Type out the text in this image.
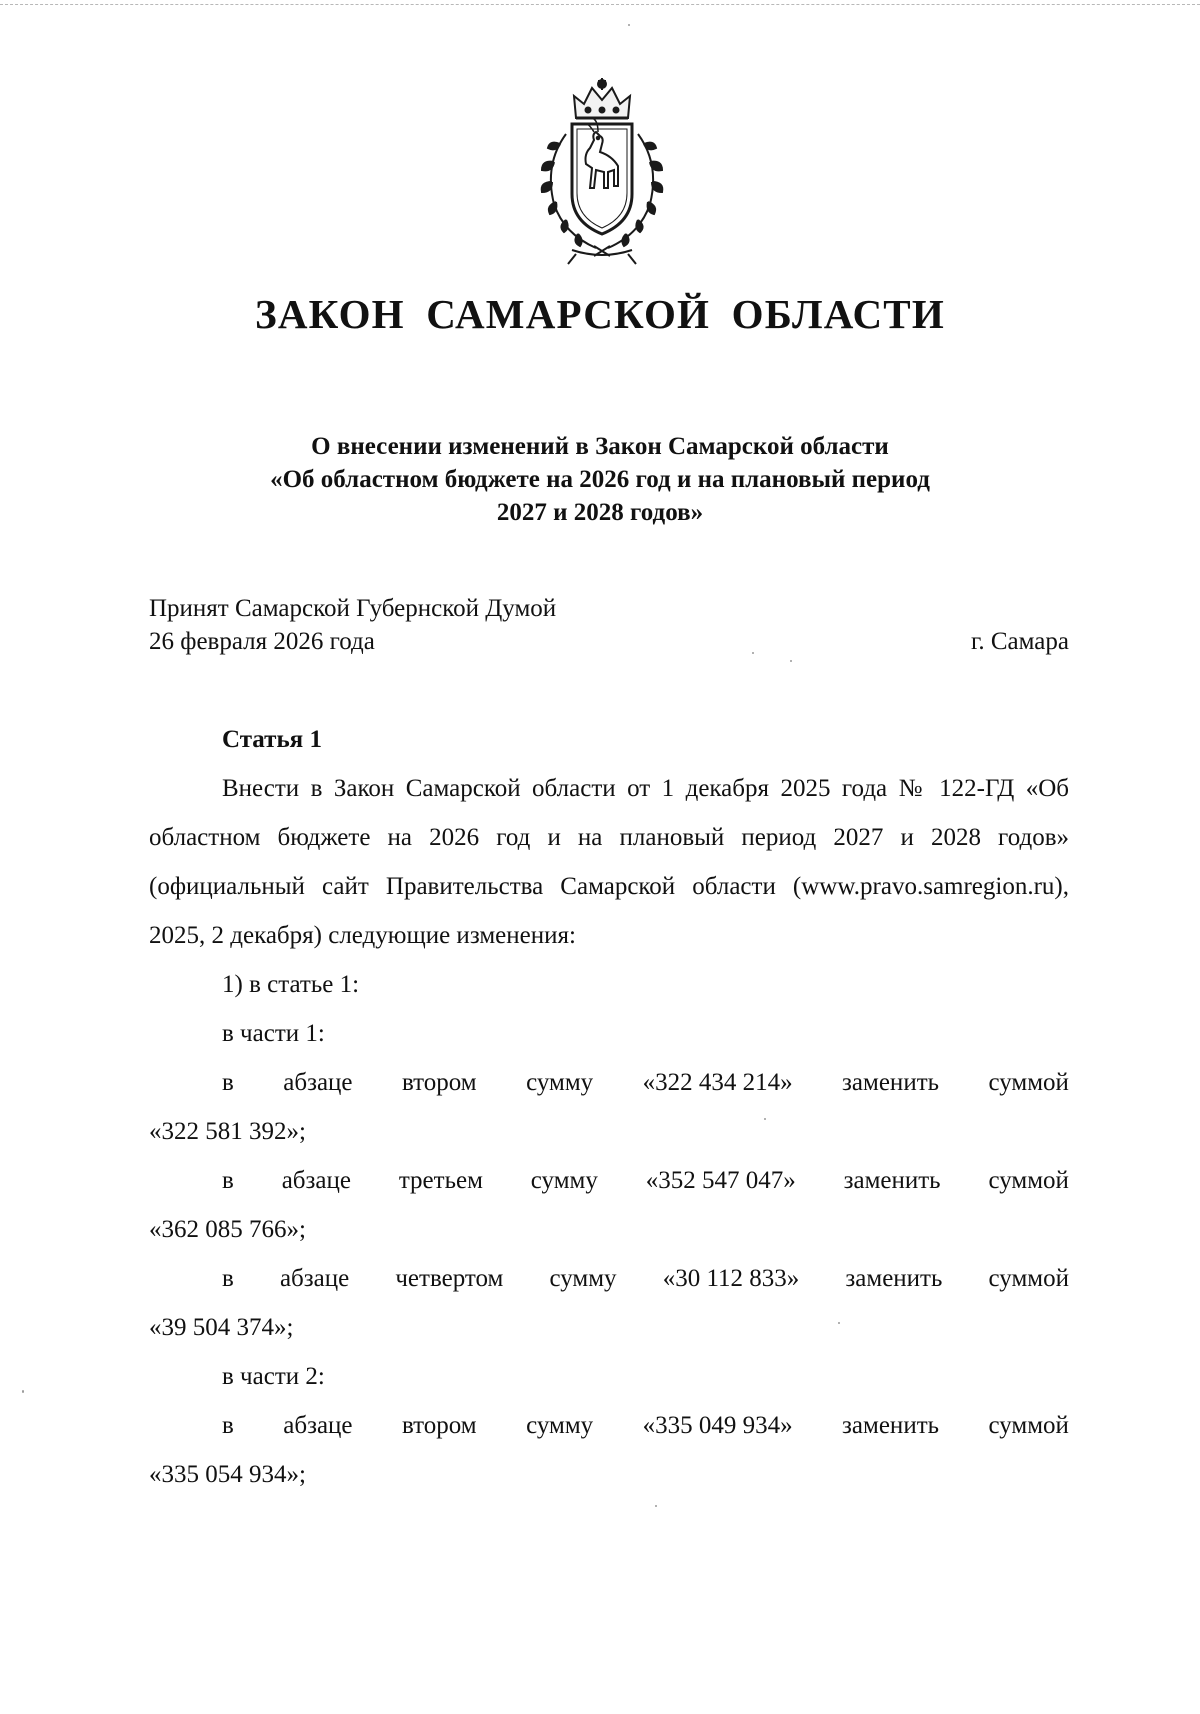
ЗАКОН САМАРСКОЙ ОБЛАСТИ
О внесении изменений в Закон Самарской области
«Об областном бюджете на 2026 год и на плановый период
2027 и 2028 годов»
Принят Самарской Губернской Думой
26 февраля 2026 года	г. Самара
Статья 1

Внести в Закон Самарской области от 1 декабря 2025 года № 122-ГД «Об областном бюджете на 2026 год и на плановый период 2027 и 2028 годов» (официальный сайт Правительства Самарской области (www.pravo.samregion.ru), 2025, 2 декабря) следующие изменения:

1) в статье 1:
в части 1:
в абзаце втором сумму «322 434 214» заменить суммой
«322 581 392»;
в абзаце третьем сумму «352 547 047» заменить суммой
«362 085 766»;
в абзаце четвертом сумму «30 112 833» заменить суммой
«39 504 374»;
в части 2:
в абзаце втором сумму «335 049 934» заменить суммой
«335 054 934»;
